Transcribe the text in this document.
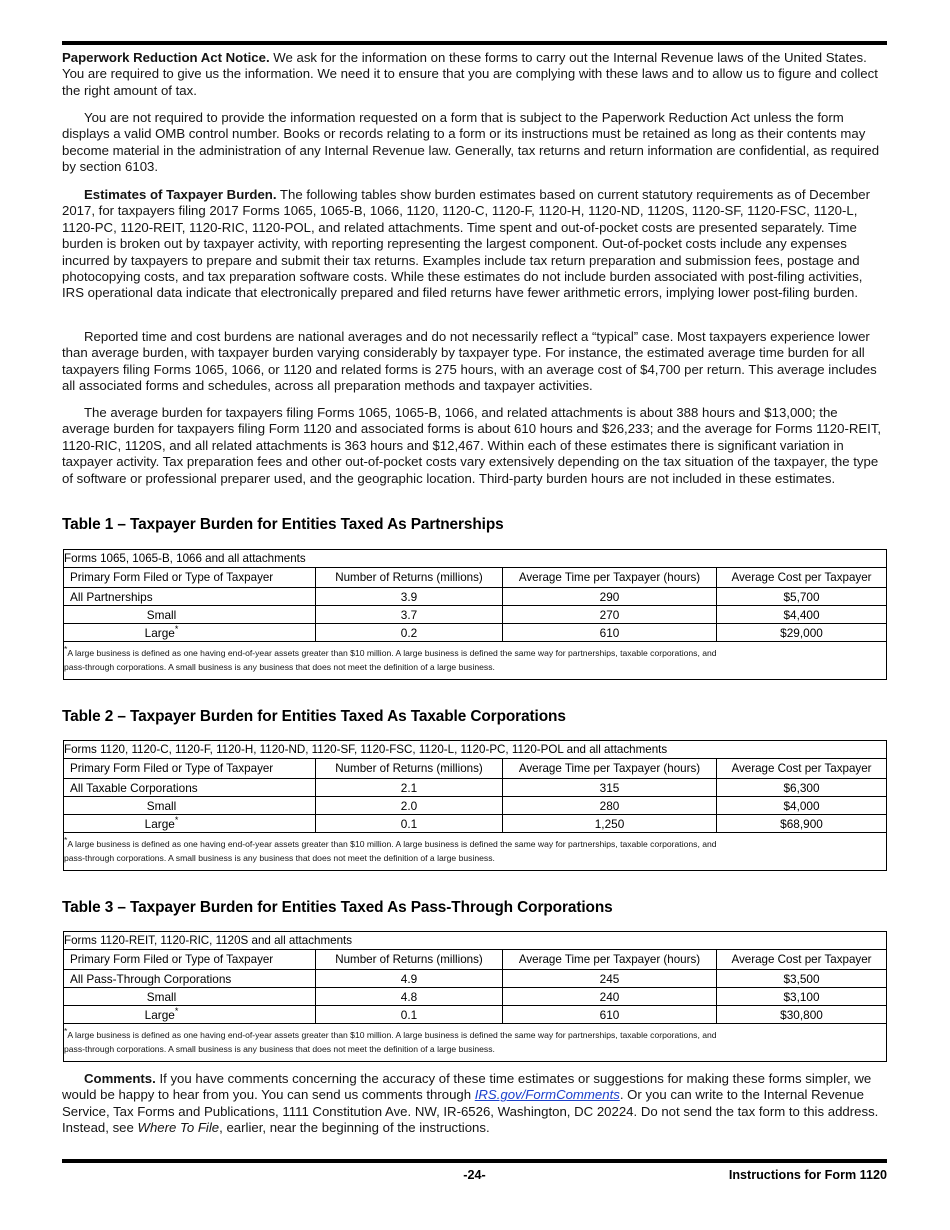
Paperwork Reduction Act Notice. We ask for the information on these forms to carry out the Internal Revenue laws of the United States. You are required to give us the information. We need it to ensure that you are complying with these laws and to allow us to figure and collect the right amount of tax.
You are not required to provide the information requested on a form that is subject to the Paperwork Reduction Act unless the form displays a valid OMB control number. Books or records relating to a form or its instructions must be retained as long as their contents may become material in the administration of any Internal Revenue law. Generally, tax returns and return information are confidential, as required by section 6103.
Estimates of Taxpayer Burden. The following tables show burden estimates based on current statutory requirements as of December 2017, for taxpayers filing 2017 Forms 1065, 1065-B, 1066, 1120, 1120-C, 1120-F, 1120-H, 1120-ND, 1120S, 1120-SF, 1120-FSC, 1120-L, 1120-PC, 1120-REIT, 1120-RIC, 1120-POL, and related attachments. Time spent and out-of-pocket costs are presented separately. Time burden is broken out by taxpayer activity, with reporting representing the largest component. Out-of-pocket costs include any expenses incurred by taxpayers to prepare and submit their tax returns. Examples include tax return preparation and submission fees, postage and photocopying costs, and tax preparation software costs. While these estimates do not include burden associated with post-filing activities, IRS operational data indicate that electronically prepared and filed returns have fewer arithmetic errors, implying lower post-filing burden.
Reported time and cost burdens are national averages and do not necessarily reflect a “typical” case. Most taxpayers experience lower than average burden, with taxpayer burden varying considerably by taxpayer type. For instance, the estimated average time burden for all taxpayers filing Forms 1065, 1066, or 1120 and related forms is 275 hours, with an average cost of $4,700 per return. This average includes all associated forms and schedules, across all preparation methods and taxpayer activities.
The average burden for taxpayers filing Forms 1065, 1065-B, 1066, and related attachments is about 388 hours and $13,000; the average burden for taxpayers filing Form 1120 and associated forms is about 610 hours and $26,233; and the average for Forms 1120-REIT, 1120-RIC, 1120S, and all related attachments is 363 hours and $12,467. Within each of these estimates there is significant variation in taxpayer activity. Tax preparation fees and other out-of-pocket costs vary extensively depending on the tax situation of the taxpayer, the type of software or professional preparer used, and the geographic location. Third-party burden hours are not included in these estimates.
Table 1 – Taxpayer Burden for Entities Taxed As Partnerships
Forms 1065, 1065-B, 1066 and all attachments			
Primary Form Filed or Type of Taxpayer	Number of Returns (millions)	Average Time per Taxpayer (hours)	Average Cost per Taxpayer
All Partnerships	3.9	290	$5,700
Small	3.7	270	$4,400
Large*	0.2	610	$29,000
*A large business is defined as one having end-of-year assets greater than $10 million. A large business is defined the same way for partnerships, taxable corporations, and
pass-through corporations. A small business is any business that does not meet the definition of a large business.			
Table 2 – Taxpayer Burden for Entities Taxed As Taxable Corporations
Forms 1120, 1120-C, 1120-F, 1120-H, 1120-ND, 1120-SF, 1120-FSC, 1120-L, 1120-PC, 1120-POL and all attachments			
Primary Form Filed or Type of Taxpayer	Number of Returns (millions)	Average Time per Taxpayer (hours)	Average Cost per Taxpayer
All Taxable Corporations	2.1	315	$6,300
Small	2.0	280	$4,000
Large*	0.1	1,250	$68,900
*A large business is defined as one having end-of-year assets greater than $10 million. A large business is defined the same way for partnerships, taxable corporations, and
pass-through corporations. A small business is any business that does not meet the definition of a large business.			
Table 3 – Taxpayer Burden for Entities Taxed As Pass-Through Corporations
Forms 1120-REIT, 1120-RIC, 1120S and all attachments			
Primary Form Filed or Type of Taxpayer	Number of Returns (millions)	Average Time per Taxpayer (hours)	Average Cost per Taxpayer
All Pass-Through Corporations	4.9	245	$3,500
Small	4.8	240	$3,100
Large*	0.1	610	$30,800
*A large business is defined as one having end-of-year assets greater than $10 million. A large business is defined the same way for partnerships, taxable corporations, and
pass-through corporations. A small business is any business that does not meet the definition of a large business.			
Comments. If you have comments concerning the accuracy of these time estimates or suggestions for making these forms simpler, we would be happy to hear from you. You can send us comments through IRS.gov/FormComments. Or you can write to the Internal Revenue Service, Tax Forms and Publications, 1111 Constitution Ave. NW, IR-6526, Washington, DC 20224. Do not send the tax form to this address. Instead, see Where To File, earlier, near the beginning of the instructions.
-24-	Instructions for Form 1120
